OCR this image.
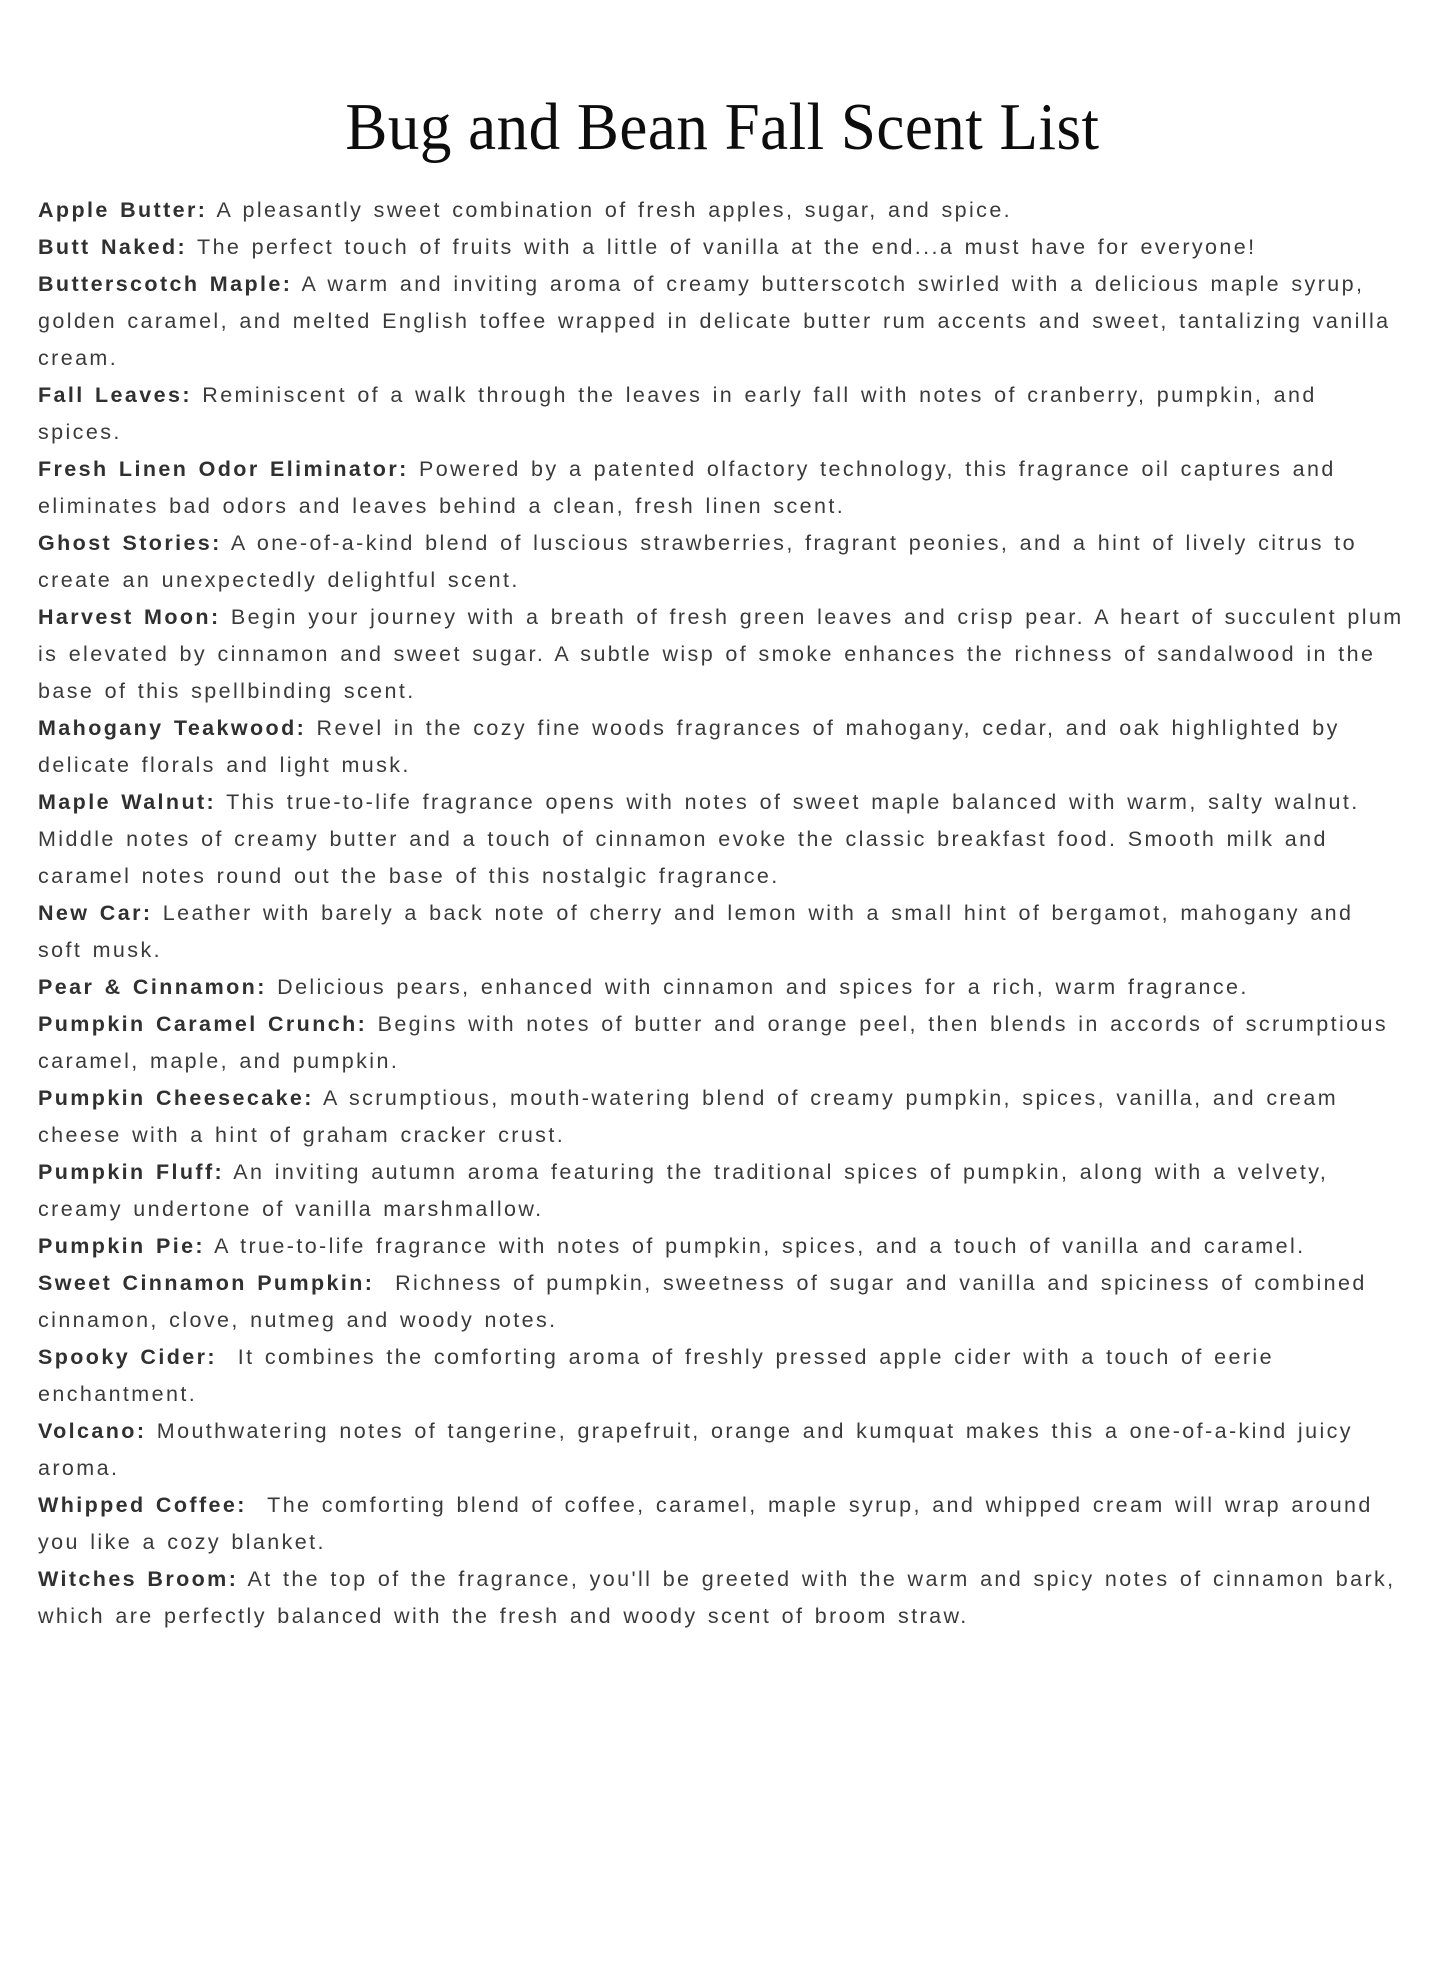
Bug and Bean Fall Scent List

Apple Butter: A pleasantly sweet combination of fresh apples, sugar, and spice.

Butt Naked: The perfect touch of fruits with a little of vanilla at the end...a must have for everyone!

Butterscotch Maple: A warm and inviting aroma of creamy butterscotch swirled with a delicious maple syrup, golden caramel, and melted English toffee wrapped in delicate butter rum accents and sweet, tantalizing vanilla cream.

Fall Leaves: Reminiscent of a walk through the leaves in early fall with notes of cranberry, pumpkin, and spices.

Fresh Linen Odor Eliminator: Powered by a patented olfactory technology, this fragrance oil captures and eliminates bad odors and leaves behind a clean, fresh linen scent.

Ghost Stories: A one-of-a-kind blend of luscious strawberries, fragrant peonies, and a hint of lively citrus to create an unexpectedly delightful scent.

Harvest Moon: Begin your journey with a breath of fresh green leaves and crisp pear. A heart of succulent plum is elevated by cinnamon and sweet sugar. A subtle wisp of smoke enhances the richness of sandalwood in the base of this spellbinding scent.

Mahogany Teakwood: Revel in the cozy fine woods fragrances of mahogany, cedar, and oak highlighted by delicate florals and light musk.

Maple Walnut: This true-to-life fragrance opens with notes of sweet maple balanced with warm, salty walnut. Middle notes of creamy butter and a touch of cinnamon evoke the classic breakfast food. Smooth milk and caramel notes round out the base of this nostalgic fragrance.

New Car: Leather with barely a back note of cherry and lemon with a small hint of bergamot, mahogany and soft musk.

Pear & Cinnamon: Delicious pears, enhanced with cinnamon and spices for a rich, warm fragrance.

Pumpkin Caramel Crunch: Begins with notes of butter and orange peel, then blends in accords of scrumptious caramel, maple, and pumpkin.

Pumpkin Cheesecake: A scrumptious, mouth-watering blend of creamy pumpkin, spices, vanilla, and cream cheese with a hint of graham cracker crust.

Pumpkin Fluff: An inviting autumn aroma featuring the traditional spices of pumpkin, along with a velvety, creamy undertone of vanilla marshmallow.

Pumpkin Pie: A true-to-life fragrance with notes of pumpkin, spices, and a touch of vanilla and caramel.

Sweet Cinnamon Pumpkin:  Richness of pumpkin, sweetness of sugar and vanilla and spiciness of combined cinnamon, clove, nutmeg and woody notes.

Spooky Cider:  It combines the comforting aroma of freshly pressed apple cider with a touch of eerie enchantment.

Volcano: Mouthwatering notes of tangerine, grapefruit, orange and kumquat makes this a one-of-a-kind juicy aroma.

Whipped Coffee:  The comforting blend of coffee, caramel, maple syrup, and whipped cream will wrap around you like a cozy blanket.

Witches Broom: At the top of the fragrance, you'll be greeted with the warm and spicy notes of cinnamon bark, which are perfectly balanced with the fresh and woody scent of broom straw.
